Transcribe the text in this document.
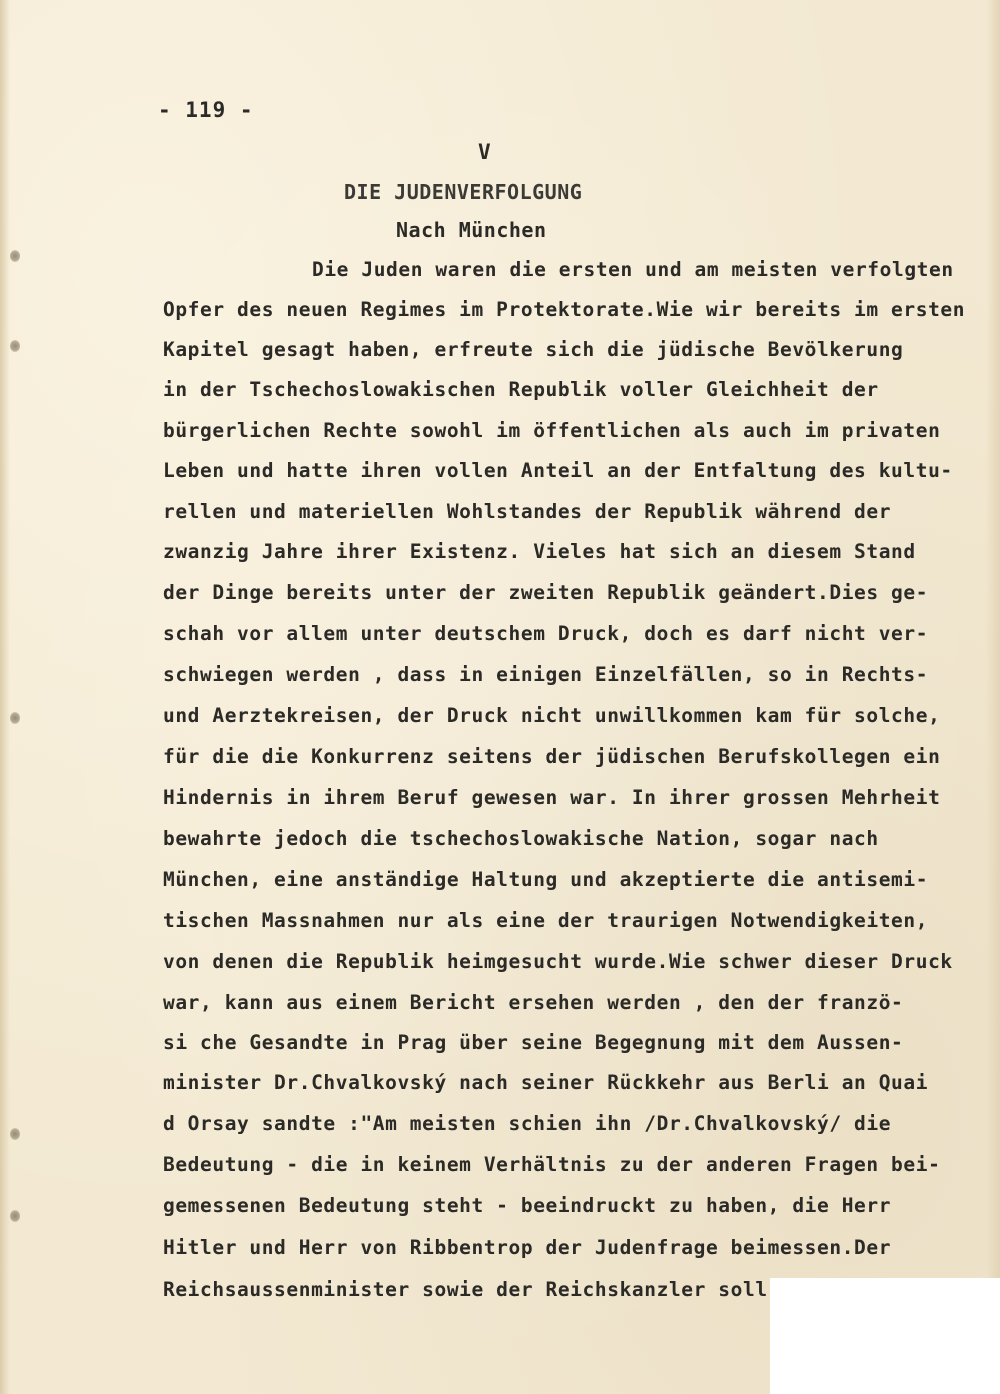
- 119 -
V
DIE JUDENVERFOLGUNG
Nach München
Die Juden waren die ersten und am meisten verfolgten
Opfer des neuen Regimes im Protektorate.Wie wir bereits im ersten
Kapitel gesagt haben, erfreute sich die jüdische Bevölkerung
in der Tschechoslowakischen Republik voller Gleichheit der
bürgerlichen Rechte sowohl im öffentlichen als auch im privaten
Leben und hatte ihren vollen Anteil an der Entfaltung des kultu-
rellen und materiellen Wohlstandes der Republik während der
zwanzig Jahre ihrer Existenz. Vieles hat sich an diesem Stand
der Dinge bereits unter der zweiten Republik geändert.Dies ge-
schah vor allem unter deutschem Druck, doch es darf nicht ver-
schwiegen werden , dass in einigen Einzelfällen, so in Rechts-
und Aerztekreisen, der Druck nicht unwillkommen kam für solche,
für die die Konkurrenz seitens der jüdischen Berufskollegen ein
Hindernis in ihrem Beruf gewesen war. In ihrer grossen Mehrheit
bewahrte jedoch die tschechoslowakische Nation, sogar nach
München, eine anständige Haltung und akzeptierte die antisemi-
tischen Massnahmen nur als eine der traurigen Notwendigkeiten,
von denen die Republik heimgesucht wurde.Wie schwer dieser Druck
war, kann aus einem Bericht ersehen werden , den der franzö-
si che Gesandte in Prag über seine Begegnung mit dem Aussen-
minister Dr.Chvalkovský nach seiner Rückkehr aus Berli an Quai
d Orsay sandte :"Am meisten schien ihn /Dr.Chvalkovský/ die
Bedeutung - die in keinem Verhältnis zu der anderen Fragen bei-
gemessenen Bedeutung steht - beeindruckt zu haben, die Herr
Hitler und Herr von Ribbentrop der Judenfrage beimessen.Der
Reichsaussenminister sowie der Reichskanzler soll
